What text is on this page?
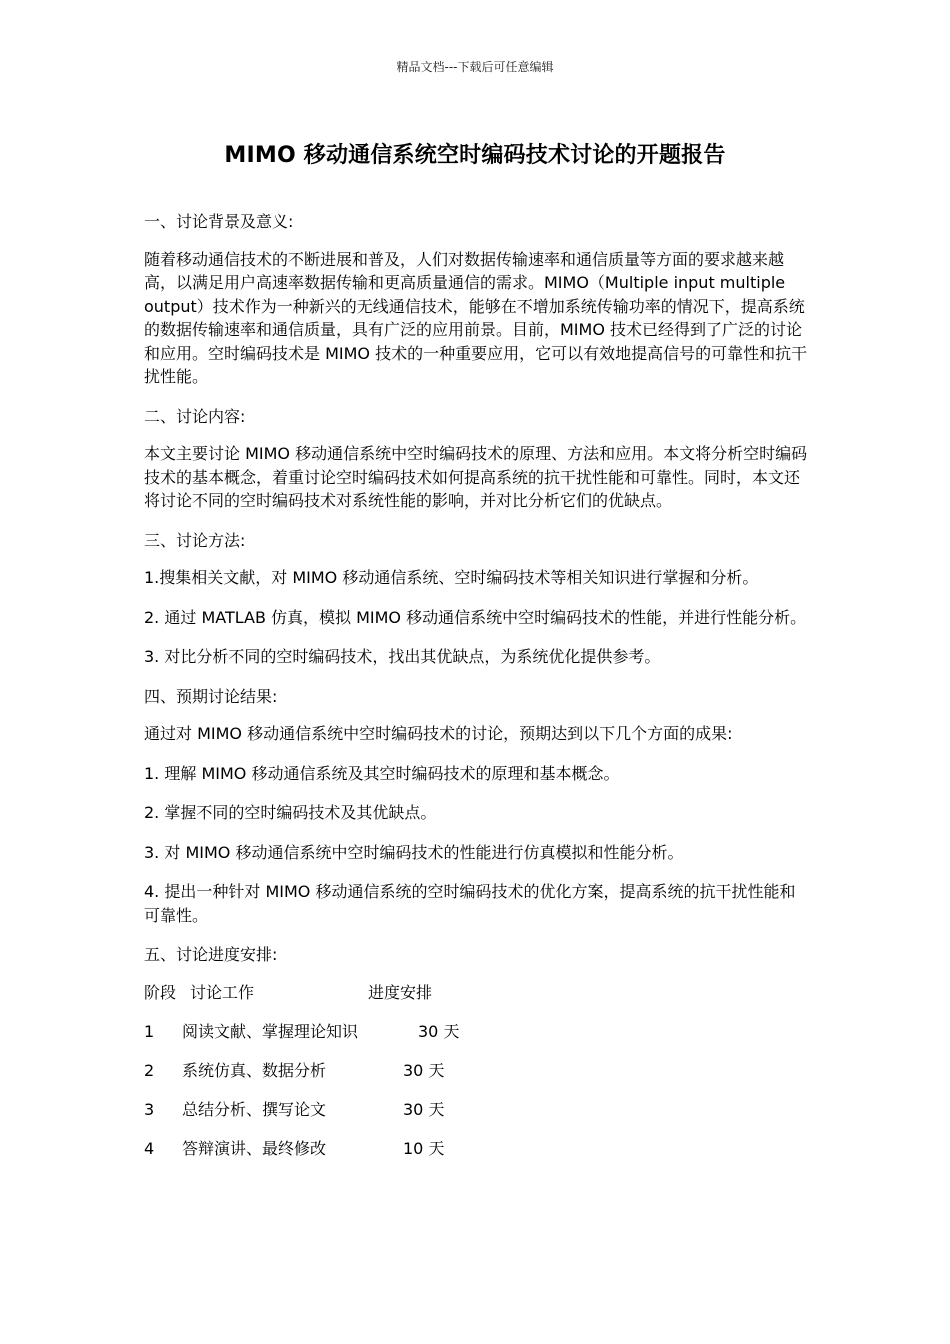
精品文档---下载后可任意编辑
MIMO 移动通信系统空时编码技术讨论的开题报告

一、讨论背景及意义:

随着移动通信技术的不断进展和普及，人们对数据传输速率和通信质量等方面的要求越来越高，以满足用户高速率数据传输和更高质量通信的需求。MIMO（Multiple input multiple output）技术作为一种新兴的无线通信技术，能够在不增加系统传输功率的情况下，提高系统的数据传输速率和通信质量，具有广泛的应用前景。目前，MIMO 技术已经得到了广泛的讨论和应用。空时编码技术是 MIMO 技术的一种重要应用，它可以有效地提高信号的可靠性和抗干扰性能。

二、讨论内容:

本文主要讨论 MIMO 移动通信系统中空时编码技术的原理、方法和应用。本文将分析空时编码技术的基本概念，着重讨论空时编码技术如何提高系统的抗干扰性能和可靠性。同时，本文还将讨论不同的空时编码技术对系统性能的影响，并对比分析它们的优缺点。

三、讨论方法:

1.搜集相关文献，对 MIMO 移动通信系统、空时编码技术等相关知识进行掌握和分析。

2. 通过 MATLAB 仿真，模拟 MIMO 移动通信系统中空时编码技术的性能，并进行性能分析。

3. 对比分析不同的空时编码技术，找出其优缺点，为系统优化提供参考。

四、预期讨论结果:

通过对 MIMO 移动通信系统中空时编码技术的讨论，预期达到以下几个方面的成果:

1. 理解 MIMO 移动通信系统及其空时编码技术的原理和基本概念。

2. 掌握不同的空时编码技术及其优缺点。

3. 对 MIMO 移动通信系统中空时编码技术的性能进行仿真模拟和性能分析。

4. 提出一种针对 MIMO 移动通信系统的空时编码技术的优化方案，提高系统的抗干扰性能和可靠性。

五、讨论进度安排:

阶段 讨论工作	进度安排
1 阅读文献、掌握理论知识	30 天
2 系统仿真、数据分析	30 天
3 总结分析、撰写论文	30 天
4 答辩演讲、最终修改	10 天
